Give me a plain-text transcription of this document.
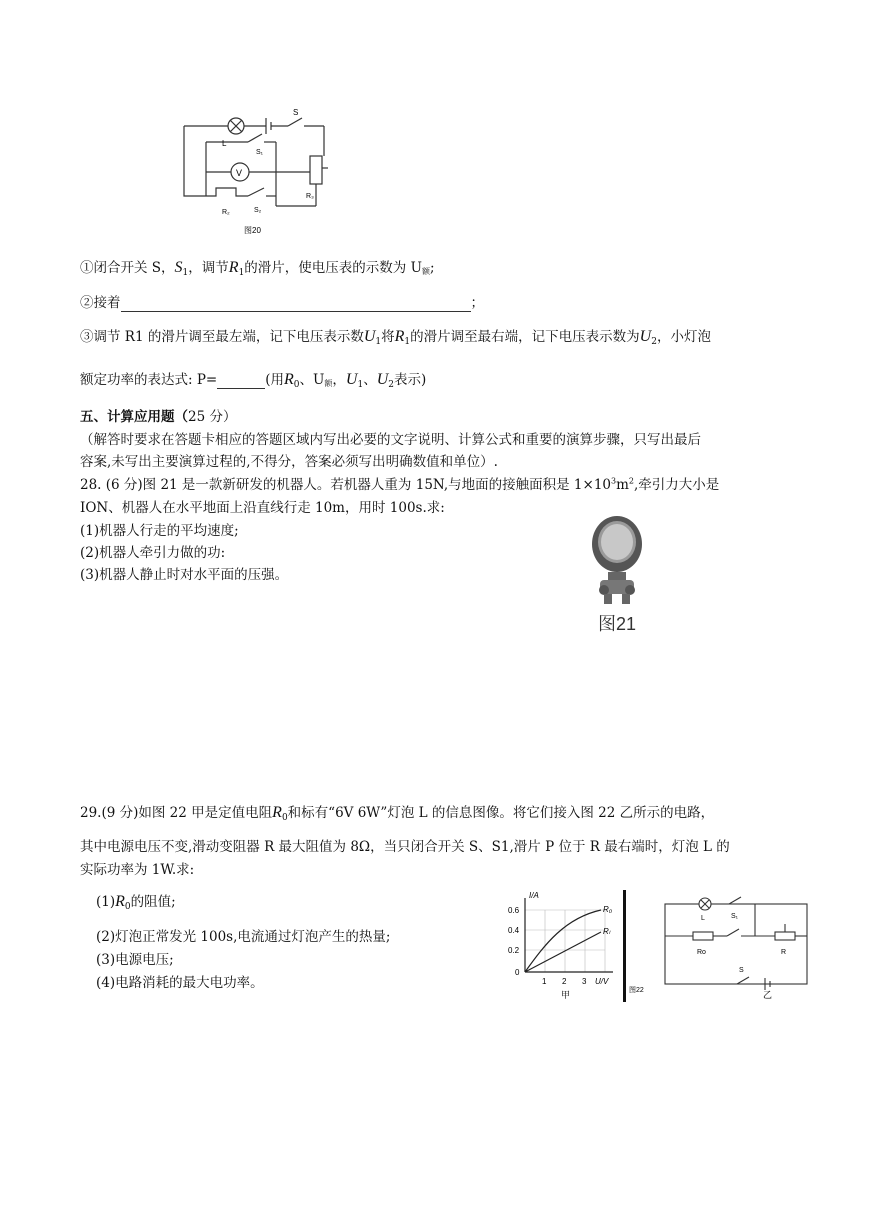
S
L
S₁
V
R₃
R₂	S₂
图20
①闭合开关 S，$S_1$，调节$R_1$的滑片，使电压表的示数为 U额;
②接着	；
③调节 R1 的滑片调至最左端，记下电压表示数$U_1$将$R_1$的滑片调至最右端，记下电压表示数为$U_2$，小灯泡
额定功率的表达式: P=	(用$R_0$、U额，$U_1$、$U_2$表示)
五、计算应用题（25 分）
（解答时要求在答题卡相应的答题区域内写出必要的文字说明、计算公式和重要的演算步骤，只写出最后
容案,未写出主要演算过程的,不得分，答案必须写出明确数值和单位）.
28. (6 分)图 21 是一款新研发的机器人。若机器人重为 15N,与地面的接触面积是 $1\times 10^3m^2$,牵引力大小是
ION、机器人在水平地面上沿直线行走 10m，用时 100s.求:
(1)机器人行走的平均速度;
(2)机器人牵引力做的功:
(3)机器人静止时对水平面的压强。
图21
29.(9 分)如图 22 甲是定值电阻$R_0$和标有“6V 6W”灯泡 L 的信息图像。将它们接入图 22 乙所示的电路，
其中电源电压不变,滑动变阻器 R 最大阻值为 8Ω，当只闭合开关 S、S1,滑片 P 位于 R 最右端时，灯泡 L 的
实际功率为 1W.求:
$(1)R_0$的阻值;
(2)灯泡正常发光 100s,电流通过灯泡产生的热量;
(3)电源电压;
(4)电路消耗的最大电功率。
I/A
0.6
0.4
0.2
0
1 2 3 U/V
R₀
Rₗ
甲	图22
L	S₁
Ro	R
S
乙
